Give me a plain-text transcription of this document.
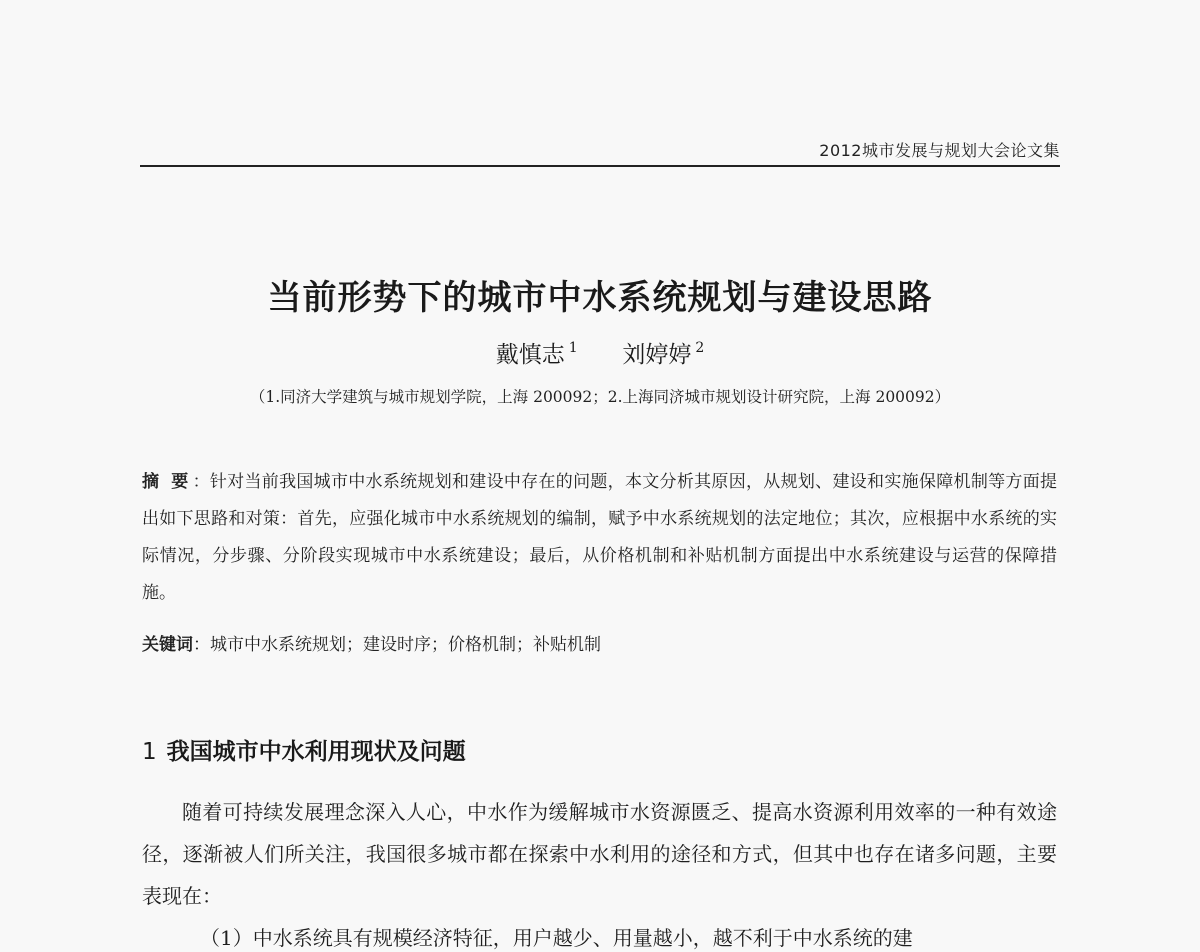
2012城市发展与规划大会论文集
当前形势下的城市中水系统规划与建设思路
戴慎志 $^1$ 刘婷婷 $^2$
（1.同济大学建筑与城市规划学院，上海 200092；2.上海同济城市规划设计研究院，上海 200092）
摘要：针对当前我国城市中水系统规划和建设中存在的问题，本文分析其原因，从规划、建设和实施保障机制等方面提出如下思路和对策：首先，应强化城市中水系统规划的编制，赋予中水系统规划的法定地位；其次，应根据中水系统的实际情况，分步骤、分阶段实现城市中水系统建设；最后，从价格机制和补贴机制方面提出中水系统建设与运营的保障措施。
关键词：城市中水系统规划；建设时序；价格机制；补贴机制
1 我国城市中水利用现状及问题

随着可持续发展理念深入人心，中水作为缓解城市水资源匮乏、提高水资源利用效率的一种有效途径，逐渐被人们所关注，我国很多城市都在探索中水利用的途径和方式，但其中也存在诸多问题，主要表现在：

（1）中水系统具有规模经济特征，用户越少、用量越小，越不利于中水系统的建
